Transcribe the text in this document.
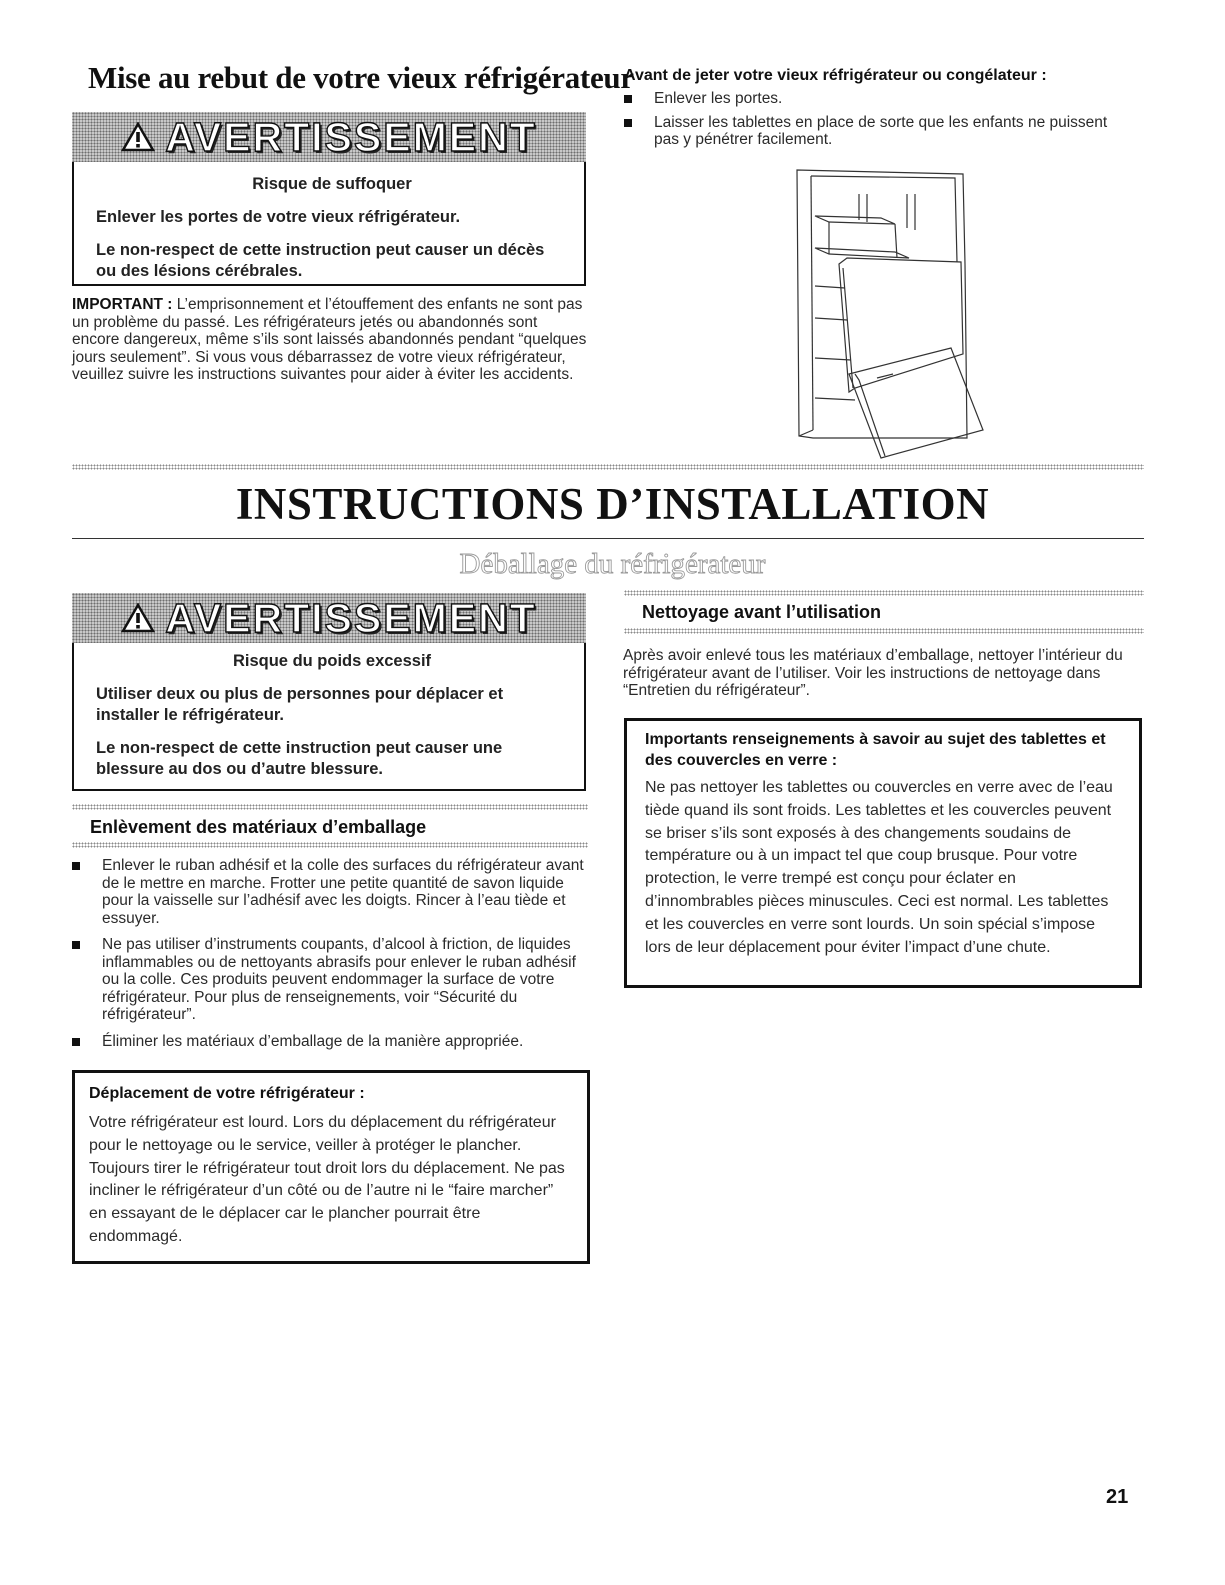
Mise au rebut de votre vieux réfrigérateur
AVERTISSEMENT
Risque de suffoquer
Enlever les portes de votre vieux réfrigérateur.
Le non-respect de cette instruction peut causer un décès ou des lésions cérébrales.
IMPORTANT : L’emprisonnement et l’étouffement des enfants ne sont pas un problème du passé. Les réfrigérateurs jetés ou abandonnés sont encore dangereux, même s’ils sont laissés abandonnés pendant “quelques jours seulement”. Si vous vous débarrassez de votre vieux réfrigérateur, veuillez suivre les instructions suivantes pour aider à éviter les accidents.
Avant de jeter votre vieux réfrigérateur ou congélateur :
Enlever les portes.
Laisser les tablettes en place de sorte que les enfants ne puissent pas y pénétrer facilement.
INSTRUCTIONS D’INSTALLATION
Déballage du réfrigérateur
AVERTISSEMENT
Risque du poids excessif
Utiliser deux ou plus de personnes pour déplacer et installer le réfrigérateur.
Le non-respect de cette instruction peut causer une blessure au dos ou d’autre blessure.
Enlèvement des matériaux d’emballage
Enlever le ruban adhésif et la colle des surfaces du réfrigérateur avant de le mettre en marche. Frotter une petite quantité de savon liquide pour la vaisselle sur l’adhésif avec les doigts. Rincer à l’eau tiède et essuyer.
Ne pas utiliser d’instruments coupants, d’alcool à friction, de liquides inflammables ou de nettoyants abrasifs pour enlever le ruban adhésif ou la colle. Ces produits peuvent endommager la surface de votre réfrigérateur. Pour plus de renseignements, voir “Sécurité du réfrigérateur”.
Éliminer les matériaux d’emballage de la manière appropriée.
Déplacement de votre réfrigérateur :
Votre réfrigérateur est lourd. Lors du déplacement du réfrigérateur pour le nettoyage ou le service, veiller à protéger le plancher. Toujours tirer le réfrigérateur tout droit lors du déplacement. Ne pas incliner le réfrigérateur d’un côté ou de l’autre ni le “faire marcher” en essayant de le déplacer car le plancher pourrait être endommagé.
Nettoyage avant l’utilisation
Après avoir enlevé tous les matériaux d’emballage, nettoyer l’intérieur du réfrigérateur avant de l’utiliser. Voir les instructions de nettoyage dans “Entretien du réfrigérateur”.
Importants renseignements à savoir au sujet des tablettes et des couvercles en verre :
Ne pas nettoyer les tablettes ou couvercles en verre avec de l’eau tiède quand ils sont froids. Les tablettes et les couvercles peuvent se briser s’ils sont exposés à des changements soudains de température ou à un impact tel que coup brusque. Pour votre protection, le verre trempé est conçu pour éclater en d’innombrables pièces minuscules. Ceci est normal. Les tablettes et les couvercles en verre sont lourds. Un soin spécial s’impose lors de leur déplacement pour éviter l’impact d’une chute.
21
